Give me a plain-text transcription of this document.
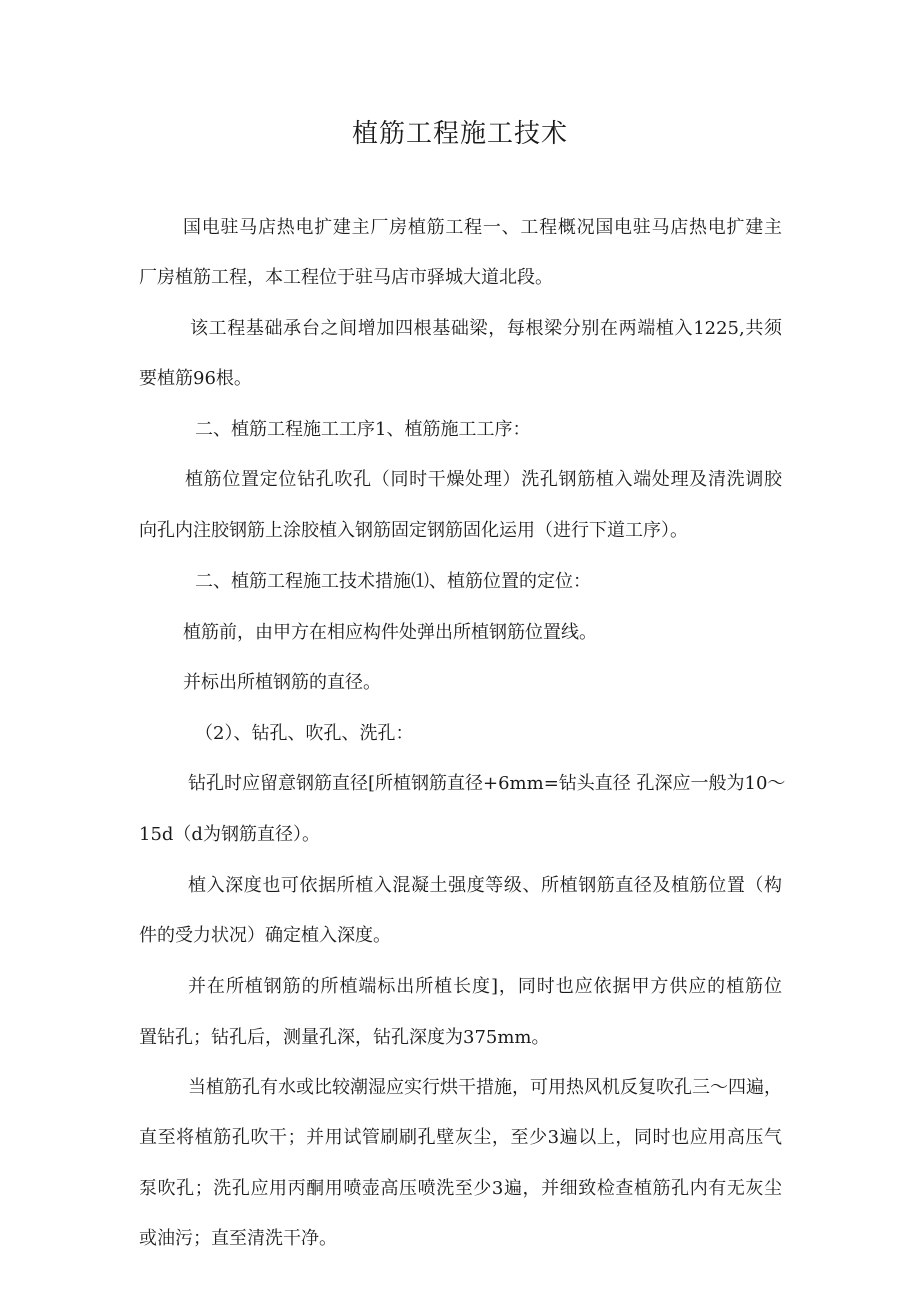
植筋工程施工技术
国电驻马店热电扩建主厂房植筋工程一、工程概况国电驻马店热电扩建主
厂房植筋工程，本工程位于驻马店市驿城大道北段。
该工程基础承台之间增加四根基础梁，每根梁分别在两端植入1225,共须
要植筋96根。
二、植筋工程施工工序1、植筋施工工序：
植筋位置定位钻孔吹孔（同时干燥处理）洗孔钢筋植入端处理及清洗调胶
向孔内注胶钢筋上涂胶植入钢筋固定钢筋固化运用（进行下道工序）。
二、植筋工程施工技术措施⑴、植筋位置的定位：
植筋前，由甲方在相应构件处弹出所植钢筋位置线。
并标出所植钢筋的直径。
（2）、钻孔、吹孔、洗孔：
钻孔时应留意钢筋直径[所植钢筋直径+6mm=钻头直径 孔深应一般为10～
15d（d为钢筋直径）。
植入深度也可依据所植入混凝土强度等级、所植钢筋直径及植筋位置（构
件的受力状况）确定植入深度。
并在所植钢筋的所植端标出所植长度]，同时也应依据甲方供应的植筋位
置钻孔；钻孔后，测量孔深，钻孔深度为375mm。
当植筋孔有水或比较潮湿应实行烘干措施，可用热风机反复吹孔三～四遍，
直至将植筋孔吹干；并用试管刷刷孔壁灰尘，至少3遍以上，同时也应用高压气
泵吹孔；洗孔应用丙酮用喷壶高压喷洗至少3遍，并细致检查植筋孔内有无灰尘
或油污；直至清洗干净。
